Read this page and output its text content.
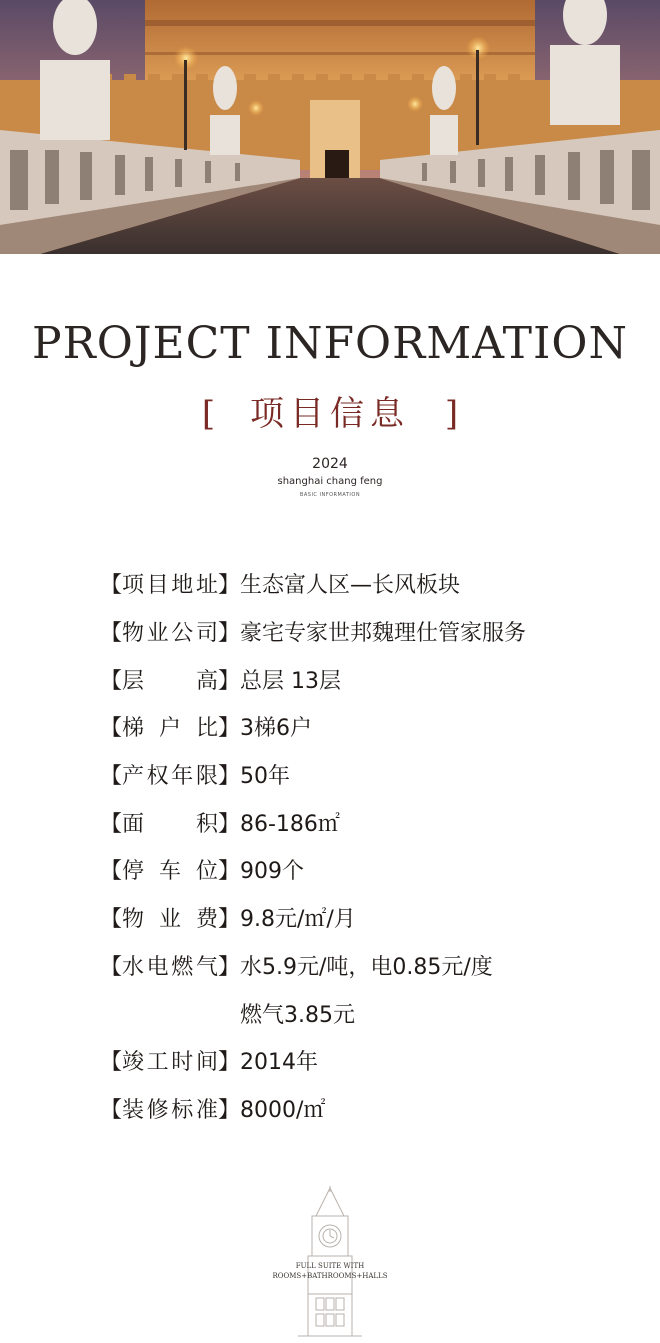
PROJECT INFORMATION
[ 项目信息 ]
2024
shanghai chang feng
BASIC INFORMATION
【 项 目 地 址 】 生态富人区—长风板块
【 物 业 公 司 】 豪宅专家世邦魏理仕管家服务
【 层 高 】 总层 13层
【 梯 户 比 】 3梯6户
【 产 权 年 限 】 50年
【 面 积 】 86-186㎡
【 停 车 位 】 909个
【 物 业 费 】 9.8元/㎡/月
【 水 电 燃 气 】 水5.9元/吨，电0.85元/度
燃气3.85元
【 竣 工 时 间 】 2014年
【 装 修 标 准 】 8000/㎡
FULL SUITE WITH
ROOMS+BATHROOMS+HALLS
